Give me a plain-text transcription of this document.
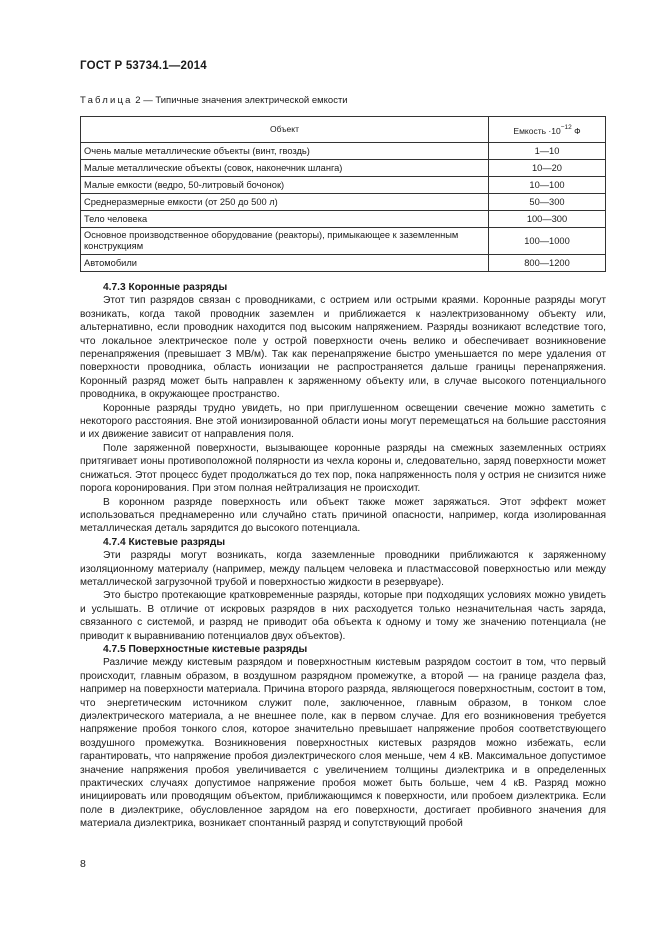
ГОСТ Р 53734.1—2014
Таблица 2 — Типичные значения электрической емкости
Объект	Емкость $\cdot 10^{-12}$ Ф
Очень малые металлические объекты (винт, гвоздь)	1—10
Малые металлические объекты (совок, наконечник шланга)	10—20
Малые емкости (ведро, 50-литровый бочонок)	10—100
Среднеразмерные емкости (от 250 до 500 л)	50—300
Тело человека	100—300
Основное производственное оборудование (реакторы), примыкающее к заземленным конструкциям	100—1000
Автомобили	800—1200
4.7.3 Коронные разряды

Этот тип разрядов связан с проводниками, с острием или острыми краями. Коронные разряды могут возникать, когда такой проводник заземлен и приближается к наэлектризованному объекту или, альтернативно, если проводник находится под высоким напряжением. Разряды возникают вследствие того, что локальное электрическое поле у острой поверхности очень велико и обеспечивает возникновение перенапряжения (превышает 3 МВ/м). Так как перенапряжение быстро уменьшается по мере удаления от поверхности проводника, область ионизации не распространяется дальше границы перенапряжения. Коронный разряд может быть направлен к заряженному объекту или, в случае высокого потенциального проводника, в окружающее пространство.

Коронные разряды трудно увидеть, но при приглушенном освещении свечение можно заметить с некоторого расстояния. Вне этой ионизированной области ионы могут перемещаться на большие расстояния и их движение зависит от направления поля.

Поле заряженной поверхности, вызывающее коронные разряды на смежных заземленных остриях притягивает ионы противоположной полярности из чехла короны и, следовательно, заряд поверхности может снижаться. Этот процесс будет продолжаться до тех пор, пока напряженность поля у острия не снизится ниже порога коронирования. При этом полная нейтрализация не происходит.

В коронном разряде поверхность или объект также может заряжаться. Этот эффект может использоваться преднамеренно или случайно стать причиной опасности, например, когда изолированная металлическая деталь зарядится до высокого потенциала.

4.7.4 Кистевые разряды

Эти разряды могут возникать, когда заземленные проводники приближаются к заряженному изоляционному материалу (например, между пальцем человека и пластмассовой поверхностью или между металлической загрузочной трубой и поверхностью жидкости в резервуаре).

Это быстро протекающие кратковременные разряды, которые при подходящих условиях можно увидеть и услышать. В отличие от искровых разрядов в них расходуется только незначительная часть заряда, связанного с системой, и разряд не приводит оба объекта к одному и тому же значению потенциала (не приводит к выравниванию потенциалов двух объектов).

4.7.5 Поверхностные кистевые разряды

Различие между кистевым разрядом и поверхностным кистевым разрядом состоит в том, что первый происходит, главным образом, в воздушном разрядном промежутке, а второй — на границе раздела фаз, например на поверхности материала. Причина второго разряда, являющегося поверхностным, состоит в том, что энергетическим источником служит поле, заключенное, главным образом, в тонком слое диэлектрического материала, а не внешнее поле, как в первом случае. Для его возникновения требуется напряжение пробоя тонкого слоя, которое значительно превышает напряжение пробоя соответствующего воздушного промежутка. Возникновения поверхностных кистевых разрядов можно избежать, если гарантировать, что напряжение пробоя диэлектрического слоя меньше, чем 4 кВ. Максимальное допустимое значение напряжения пробоя увеличивается с увеличением толщины диэлектрика и в определенных практических случаях допустимое напряжение пробоя может быть больше, чем 4 кВ. Разряд можно инициировать или проводящим объектом, приближающимся к поверхности, или пробоем диэлектрика. Если поле в диэлектрике, обусловленное зарядом на его поверхности, достигает пробивного значения для материала диэлектрика, возникает спонтанный разряд и сопутствующий пробой

8
